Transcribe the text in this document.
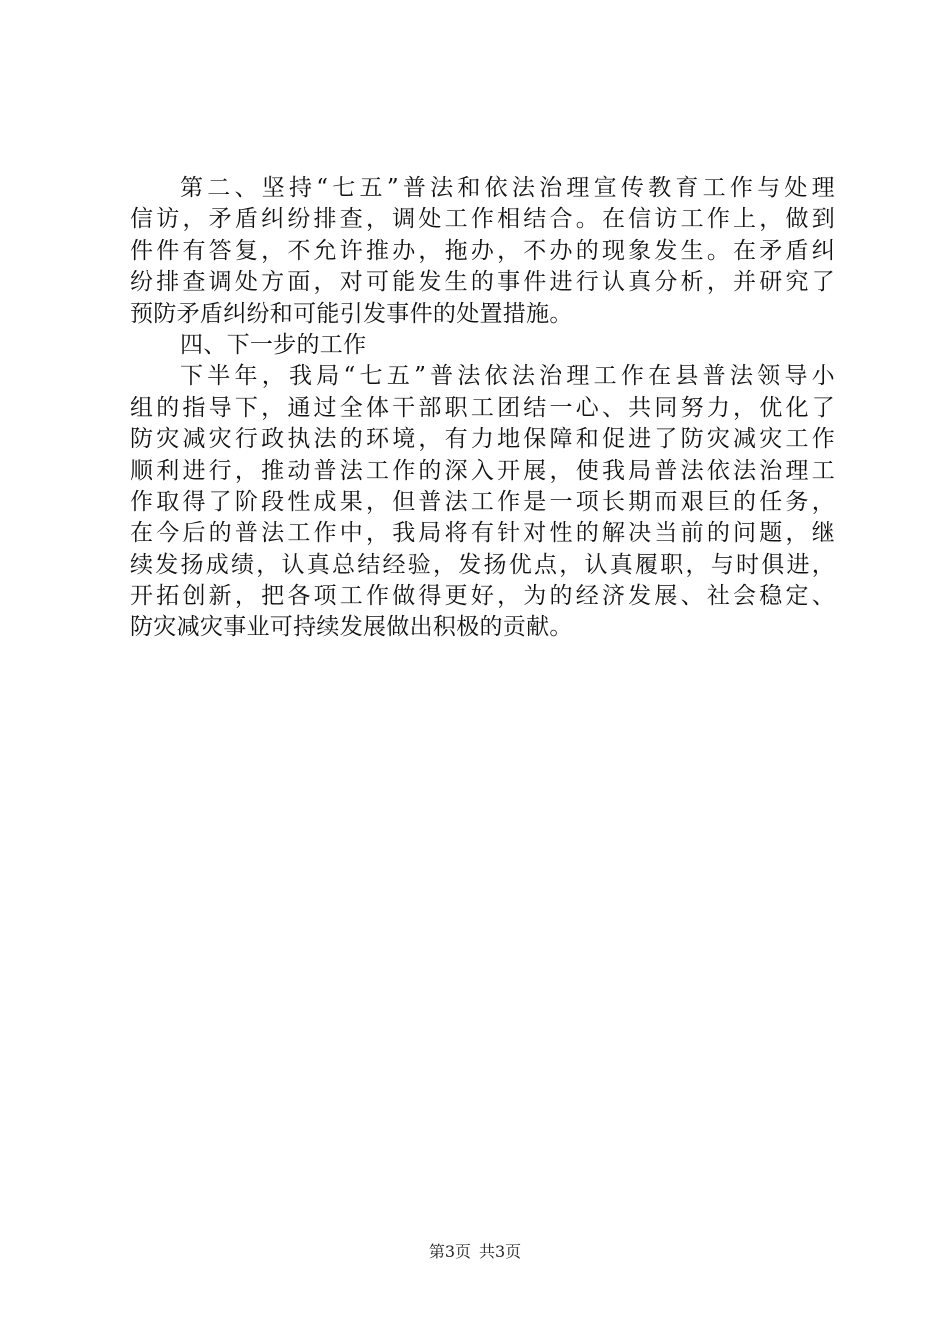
第二、坚持“七五”普法和依法治理宣传教育工作与处理
信访，矛盾纠纷排查，调处工作相结合。在信访工作上，做到
件件有答复，不允许推办，拖办，不办的现象发生。在矛盾纠
纷排查调处方面，对可能发生的事件进行认真分析，并研究了
预防矛盾纠纷和可能引发事件的处置措施。
四、下一步的工作
下半年，我局“七五”普法依法治理工作在县普法领导小
组的指导下，通过全体干部职工团结一心、共同努力，优化了
防灾减灾行政执法的环境，有力地保障和促进了防灾减灾工作
顺利进行，推动普法工作的深入开展，使我局普法依法治理工
作取得了阶段性成果，但普法工作是一项长期而艰巨的任务，
在今后的普法工作中，我局将有针对性的解决当前的问题，继
续发扬成绩，认真总结经验，发扬优点，认真履职，与时俱进，
开拓创新，把各项工作做得更好，为的经济发展、社会稳定、
防灾减灾事业可持续发展做出积极的贡献。
第3页 共3页
